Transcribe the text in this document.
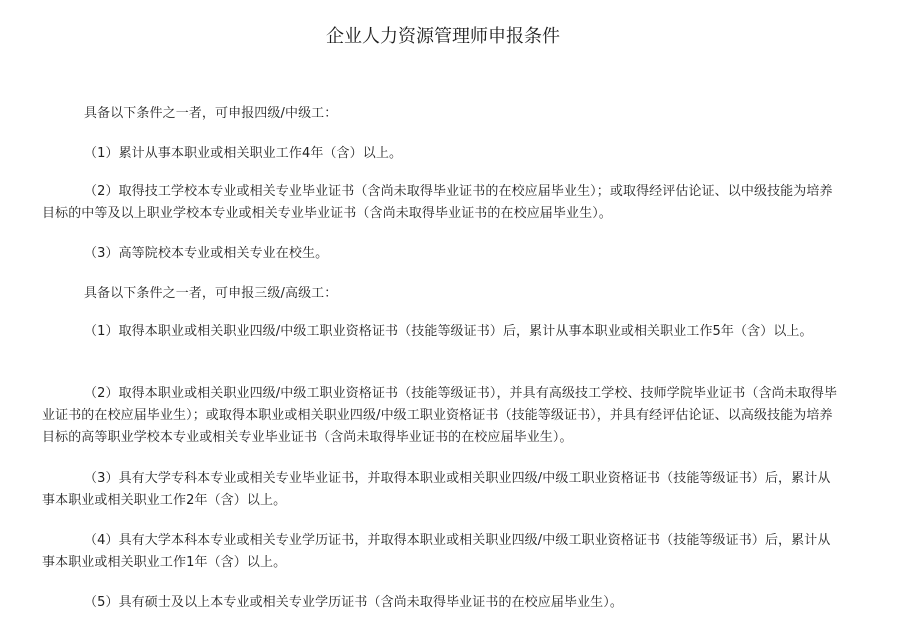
企业人力资源管理师申报条件
具备以下条件之一者，可申报四级/中级工：
（1）累计从事本职业或相关职业工作4年（含）以上。
（2）取得技工学校本专业或相关专业毕业证书（含尚未取得毕业证书的在校应届毕业生）；或取得经评估论证、以中级技能为培养目标的中等及以上职业学校本专业或相关专业毕业证书（含尚未取得毕业证书的在校应届毕业生）。
（3）高等院校本专业或相关专业在校生。
具备以下条件之一者，可申报三级/高级工：
（1）取得本职业或相关职业四级/中级工职业资格证书（技能等级证书）后，累计从事本职业或相关职业工作5年（含）以上。
（2）取得本职业或相关职业四级/中级工职业资格证书（技能等级证书），并具有高级技工学校、技师学院毕业证书（含尚未取得毕业证书的在校应届毕业生）；或取得本职业或相关职业四级/中级工职业资格证书（技能等级证书），并具有经评估论证、以高级技能为培养目标的高等职业学校本专业或相关专业毕业证书（含尚未取得毕业证书的在校应届毕业生）。
（3）具有大学专科本专业或相关专业毕业证书，并取得本职业或相关职业四级/中级工职业资格证书（技能等级证书）后，累计从事本职业或相关职业工作2年（含）以上。
（4）具有大学本科本专业或相关专业学历证书，并取得本职业或相关职业四级/中级工职业资格证书（技能等级证书）后，累计从事本职业或相关职业工作1年（含）以上。
（5）具有硕士及以上本专业或相关专业学历证书（含尚未取得毕业证书的在校应届毕业生）。
